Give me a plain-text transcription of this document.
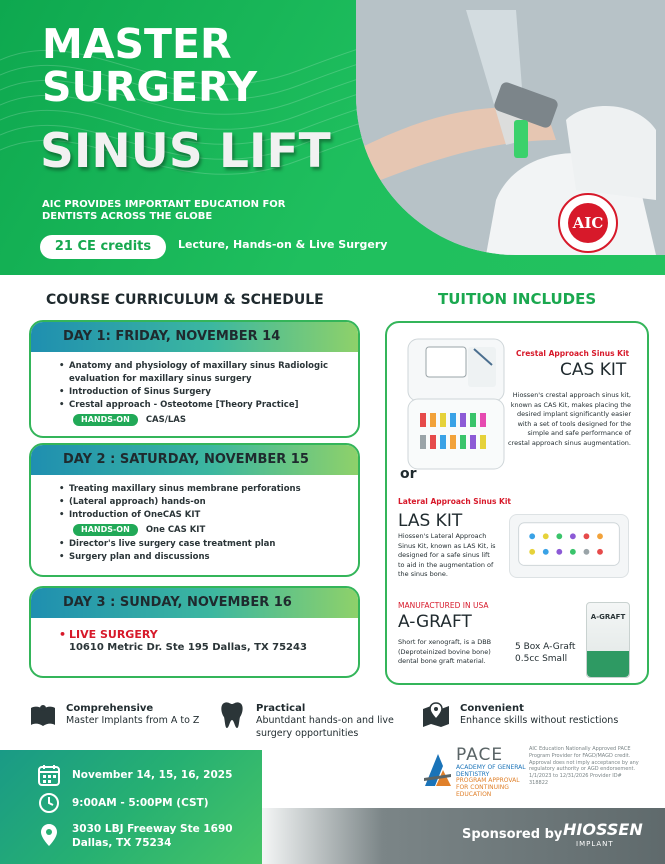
MASTER
SURGERY
SINUS LIFT
AIC PROVIDES IMPORTANT EDUCATION FOR DENTISTS ACROSS THE GLOBE
21 CE credits	Lecture, Hands-on & Live Surgery
AIC
COURSE CURRICULUM & SCHEDULE
DAY 1: FRIDAY, NOVEMBER 14
• Anatomy and physiology of maxillary sinus Radiologic evaluation for maxillary sinus surgery
• Introduction of Sinus Surgery
• Crestal approach - Osteotome [Theory Practice]
HANDS-ON CAS/LAS
DAY 2 : SATURDAY, NOVEMBER 15
• Treating maxillary sinus membrane perforations
• (Lateral approach) hands-on
• Introduction of OneCAS KIT
HANDS-ON One CAS KIT
• Director's live surgery case treatment plan
• Surgery plan and discussions
DAY 3 : SUNDAY, NOVEMBER 16
• LIVE SURGERY
10610 Metric Dr. Ste 195 Dallas, TX 75243
TUITION INCLUDES
or
Crestal Approach Sinus Kit
CAS KIT
Hiossen's crestal approach sinus kit, known as CAS Kit, makes placing the desired implant significantly easier with a set of tools designed for the simple and safe performance of crestal approach sinus augmentation.
Lateral Approach Sinus Kit
LAS KIT
Hiossen's Lateral Approach Sinus Kit, known as LAS Kit, is designed for a safe sinus lift to aid in the augmentation of the sinus bone.
MANUFACTURED IN USA
A-GRAFT
Short for xenograft, is a DBB (Deproteinized bovine bone) dental bone graft material.
5 Box A-Graft
0.5cc Small
A-GRAFT
Comprehensive
Master Implants from A to Z
Practical
Abuntdant hands-on and live surgery opportunities
Convenient
Enhance skills without restictions
PACE
ACADEMY OF GENERAL DENTISTRY
PROGRAM APPROVAL FOR CONTINUING EDUCATION
AIC Education Nationally Approved PACE Program Provider for FAGD/MAGD credit. Approval does not imply acceptance by any regulatory authority or AGD endorsement. 1/1/2023 to 12/31/2026 Provider ID# 318822
November 14, 15, 16, 2025
9:00AM - 5:00PM (CST)
3030 LBJ Freeway Ste 1690
Dallas, TX 75234
Sponsored by HIOSSEN
IMPLANT
